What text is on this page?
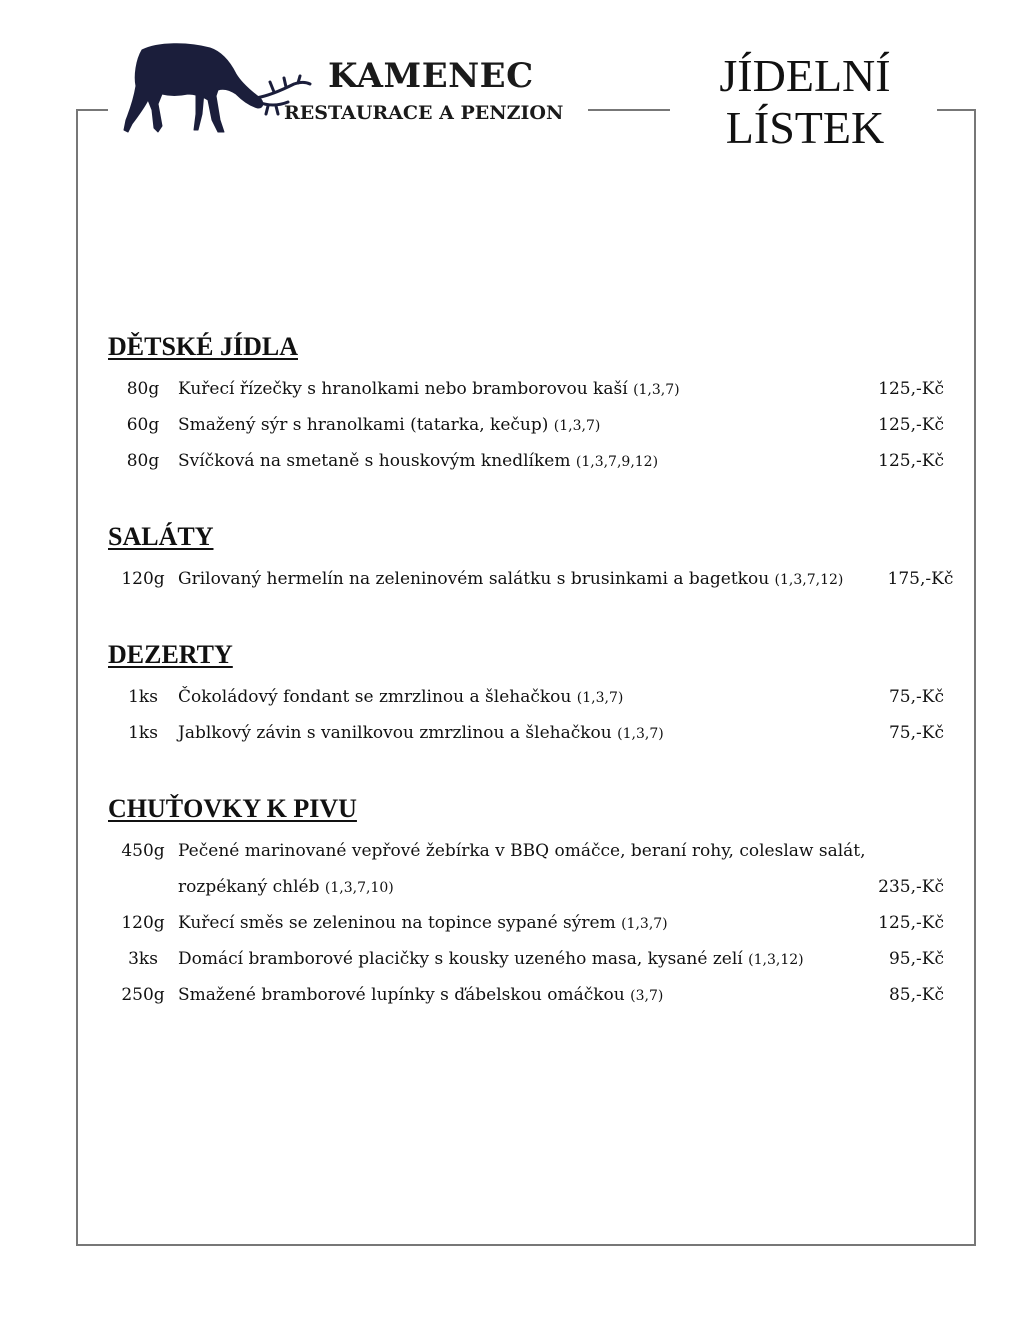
KAMENEC
RESTAURACE A PENZION
JÍDELNÍ
LÍSTEK
DĚTSKÉ JÍDLA
80g	Kuřecí řízečky s hranolkami nebo bramborovou kaší (1,3,7)	125,-Kč
60g	Smažený sýr s hranolkami (tatarka, kečup) (1,3,7)	125,-Kč
80g	Svíčková na smetaně s houskovým knedlíkem (1,3,7,9,12)	125,-Kč
SALÁTY
120g Grilovaný hermelín na zeleninovém salátku s brusinkami a bagetkou (1,3,7,12)	175,-Kč
DEZERTY
1ks	Čokoládový fondant se zmrzlinou a šlehačkou (1,3,7)	75,-Kč
1ks	Jablkový závin s vanilkovou zmrzlinou a šlehačkou (1,3,7)	75,-Kč
CHUŤOVKY K PIVU
450g Pečené marinované vepřové žebírka v BBQ omáčce, beraní rohy, coleslaw salát,
rozpékaný chléb (1,3,7,10)	235,-Kč
120g Kuřecí směs se zeleninou na topince sypané sýrem (1,3,7)	125,-Kč
3ks	Domácí bramborové placičky s kousky uzeného masa, kysané zelí (1,3,12)	95,-Kč
250g Smažené bramborové lupínky s ďábelskou omáčkou (3,7)	85,-Kč
